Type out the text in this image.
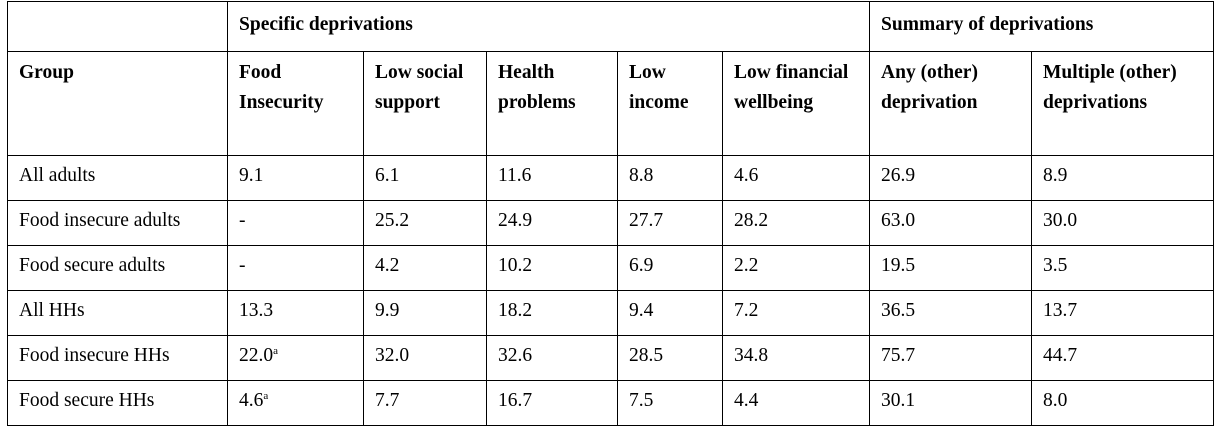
	Specific deprivations					Summary of deprivations	
Group	Food Insecurity	Low social support	Health problems	Low income	Low financial wellbeing	Any (other) deprivation	Multiple (other) deprivations
All adults	9.1	6.1	11.6	8.8	4.6	26.9	8.9
Food insecure adults	-	25.2	24.9	27.7	28.2	63.0	30.0
Food secure adults	-	4.2	10.2	6.9	2.2	19.5	3.5
All HHs	13.3	9.9	18.2	9.4	7.2	36.5	13.7
Food insecure HHs	22.0$^a$	32.0	32.6	28.5	34.8	75.7	44.7
Food secure HHs	4.6$^a$	7.7	16.7	7.5	4.4	30.1	8.0
